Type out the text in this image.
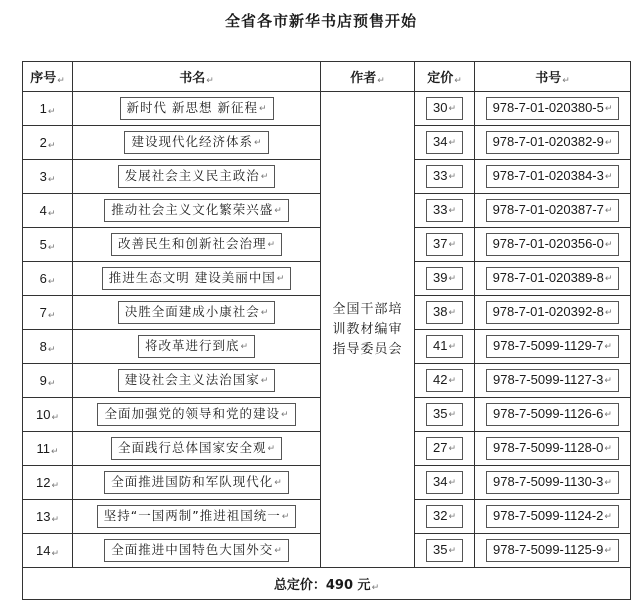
全省各市新华书店预售开始
序号↵	书名↵	作者↵	定价↵	书号↵
1↵	新时代 新思想 新征程↵	全国干部培训教材编审指导委员会	30↵	978-7-01-020380-5↵
2↵	建设现代化经济体系↵		34↵	978-7-01-020382-9↵
3↵	发展社会主义民主政治↵		33↵	978-7-01-020384-3↵
4↵	推动社会主义文化繁荣兴盛↵		33↵	978-7-01-020387-7↵
5↵	改善民生和创新社会治理↵		37↵	978-7-01-020356-0↵
6↵	推进生态文明 建设美丽中国↵		39↵	978-7-01-020389-8↵
7↵	决胜全面建成小康社会↵		38↵	978-7-01-020392-8↵
8↵	将改革进行到底↵		41↵	978-7-5099-1129-7↵
9↵	建设社会主义法治国家↵		42↵	978-7-5099-1127-3↵
10↵	全面加强党的领导和党的建设↵		35↵	978-7-5099-1126-6↵
11↵	全面践行总体国家安全观↵		27↵	978-7-5099-1128-0↵
12↵	全面推进国防和军队现代化↵		34↵	978-7-5099-1130-3↵
13↵	坚持“一国两制”推进祖国统一↵		32↵	978-7-5099-1124-2↵
14↵	全面推进中国特色大国外交↵		35↵	978-7-5099-1125-9↵
总定价：490 元↵				
